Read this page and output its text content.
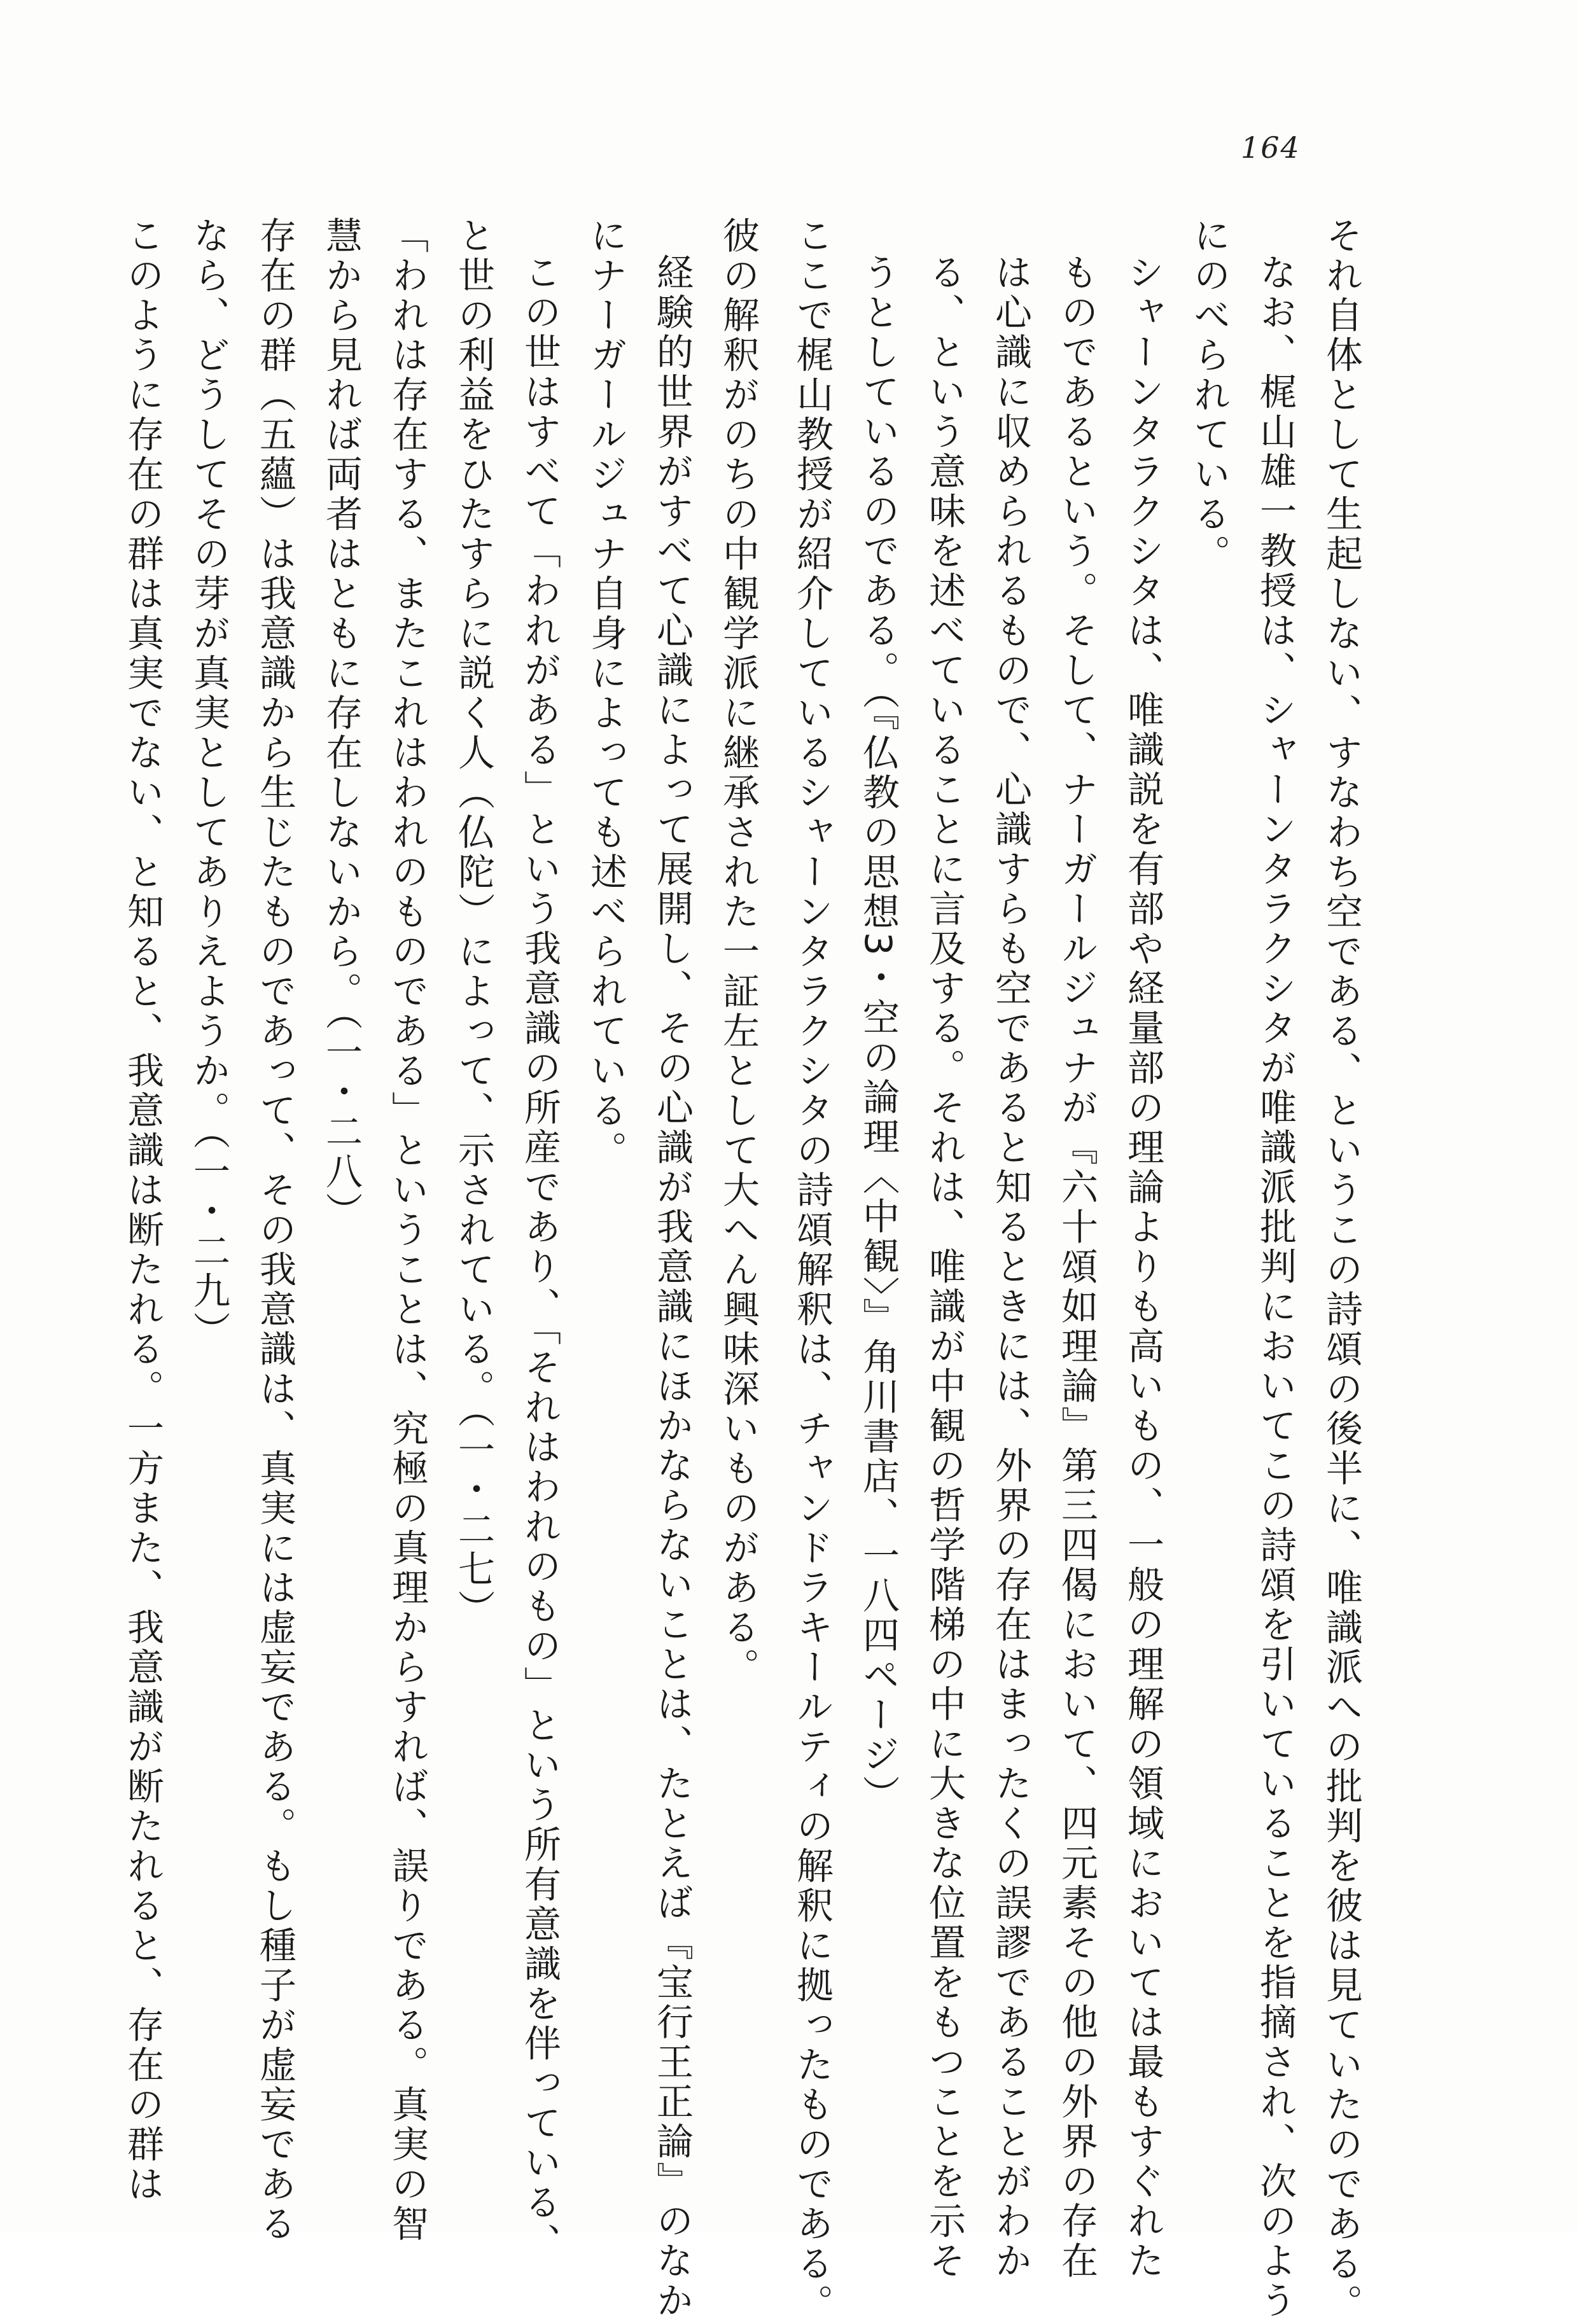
164

それ自体として生起しない、すなわち空である、というこの詩頌の後半に、唯識派への批判を彼は見ていたのである。

なお、梶山雄一教授は、シャーンタラクシタが唯識派批判においてこの詩頌を引いていることを指摘され、次のよう

にのべられている。

シャーンタラクシタは、唯識説を有部や経量部の理論よりも高いもの、一般の理解の領域においては最もすぐれた

ものであるという。そして、ナーガールジュナが『六十頌如理論』第三四偈において、四元素その他の外界の存在

は心識に収められるもので、心識すらも空であると知るときには、外界の存在はまったくの誤謬であることがわか

る、という意味を述べていることに言及する。それは、唯識が中観の哲学階梯の中に大きな位置をもつことを示そ

うとしているのである。（『仏教の思想3・空の論理〈中観〉』角川書店、一八四ページ）

ここで梶山教授が紹介しているシャーンタラクシタの詩頌解釈は、チャンドラキールティの解釈に拠ったものである。

彼の解釈がのちの中観学派に継承された一証左として大へん興味深いものがある。

経験的世界がすべて心識によって展開し、その心識が我意識にほかならないことは、たとえば『宝行王正論』のなか

にナーガールジュナ自身によっても述べられている。

この世はすべて「われがある」という我意識の所産であり、「それはわれのもの」という所有意識を伴っている、

と世の利益をひたすらに説く人（仏陀）によって、示されている。（一・二七）

「われは存在する、またこれはわれのものである」ということは、究極の真理からすれば、誤りである。真実の智

慧から見れば両者はともに存在しないから。（一・二八）

存在の群（五蘊）は我意識から生じたものであって、その我意識は、真実には虚妄である。もし種子が虚妄である

なら、どうしてその芽が真実としてありえようか。（一・二九）

このように存在の群は真実でない、と知ると、我意識は断たれる。一方また、我意識が断たれると、存在の群は
